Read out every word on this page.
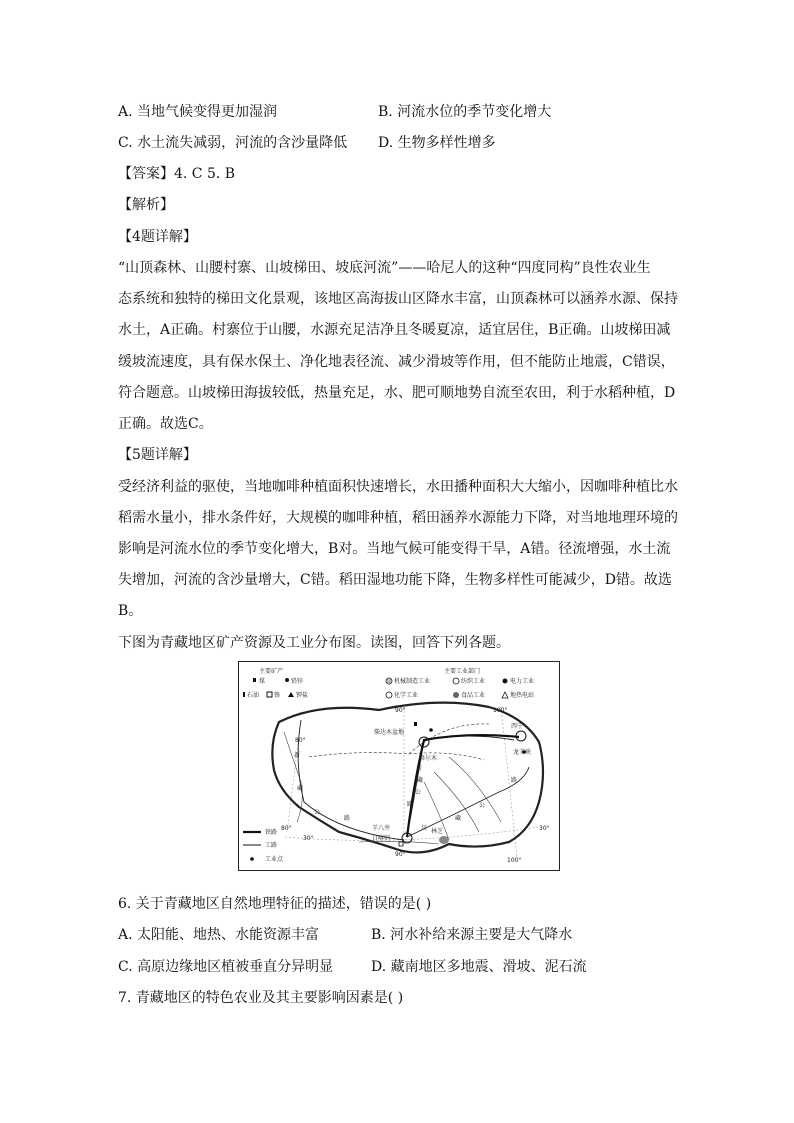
A. 当地气候变得更加湿润	B. 河流水位的季节变化增大
C. 水土流失减弱，河流的含沙量降低 D. 生物多样性增多
【答案】4. C 5. B
【解析】
【4题详解】
“山顶森林、山腰村寨、山坡梯田、坡底河流”——哈尼人的这种“四度同构”良性农业生
态系统和独特的梯田文化景观，该地区高海拔山区降水丰富，山顶森林可以涵养水源、保持
水土，A正确。村寨位于山腰，水源充足洁净且冬暖夏凉，适宜居住，B正确。山坡梯田减
缓坡流速度，具有保水保土、净化地表径流、减少滑坡等作用，但不能防止地震，C错误，
符合题意。山坡梯田海拔较低，热量充足，水、肥可顺地势自流至农田，利于水稻种植，D
正确。故选C。
【5题详解】
受经济利益的驱使，当地咖啡种植面积快速增长，水田播种面积大大缩小，因咖啡种植比水
稻需水量小，排水条件好，大规模的咖啡种植，稻田涵养水源能力下降，对当地地理环境的
影响是河流水位的季节变化增大，B对。当地气候可能变得干旱，A错。径流增强，水土流
失增加，河流的含沙量增大，C错。稻田湿地功能下降，生物多样性可能减少，D错。故选
B。
下图为青藏地区矿产资源及工业分布图。读图，回答下列各题。
主要矿产
煤	铅锌
石油 铬	钾盐
主要工业部门
机械制造工业	纺织工业	电力工业
化学工业	食品工业	地热电站
80°
90°	100°
80°
90°
100°
30°
30°
柴达木盆地
格尔木
西宁
龙羊峡
羊八井
日喀则
林芝
新
藏
公
路
青
藏
公
路
川
藏
公
路
铁路
工路
工业点
6. 关于青藏地区自然地理特征的描述，错误的是( )
A. 太阳能、地热、水能资源丰富	B. 河水补给来源主要是大气降水
C. 高原边缘地区植被垂直分异明显	D. 藏南地区多地震、滑坡、泥石流
7. 青藏地区的特色农业及其主要影响因素是( )
